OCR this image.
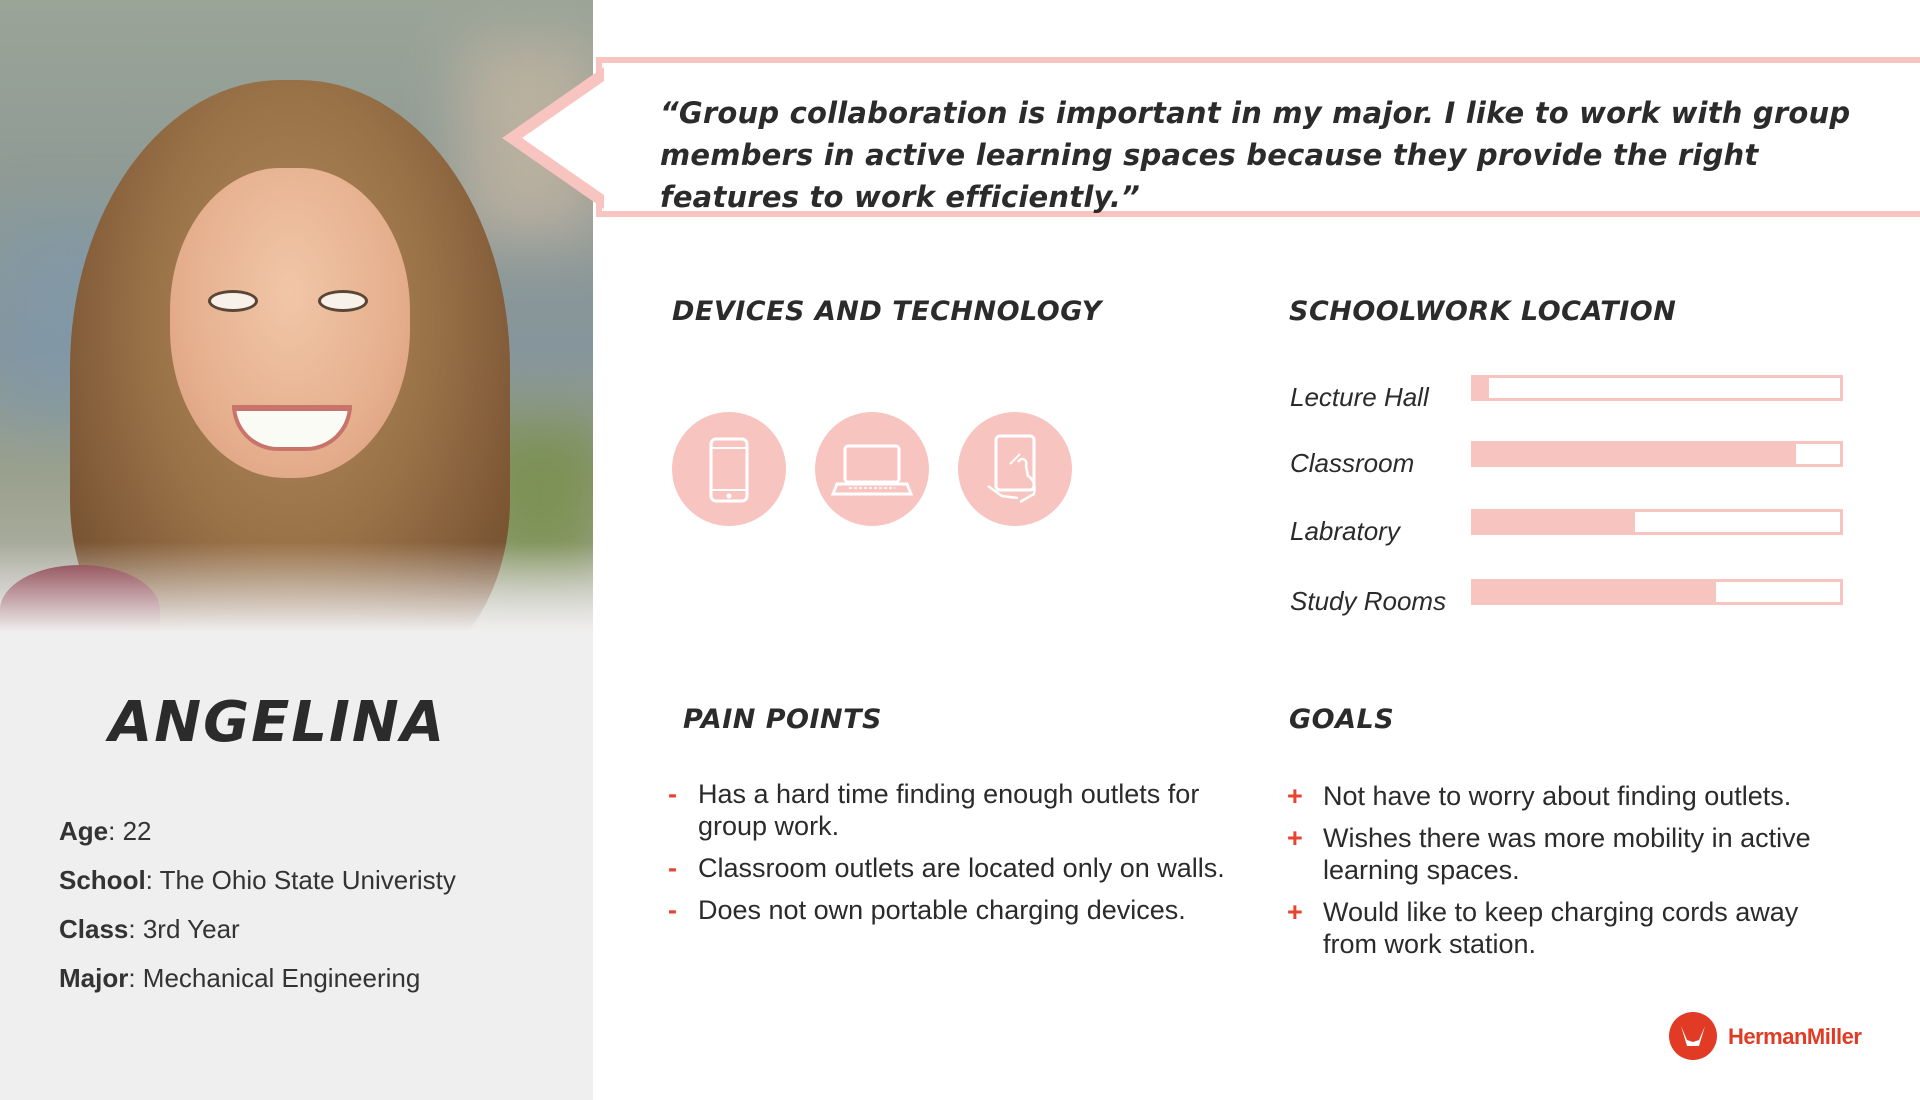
ANGELINA
Age: 22
School: The Ohio State Univeristy
Class: 3rd Year
Major: Mechanical Engineering
“Group collaboration is important in my major. I like to work with group members in active learning spaces because they provide the right features to work efficiently.”
DEVICES AND TECHNOLOGY	SCHOOLWORK LOCATION
Lecture Hall
Classroom
Labratory
Study Rooms
PAIN POINTS
- Has a hard time finding enough outlets for group work.
- Classroom outlets are located only on walls.
- Does not own portable charging devices.
GOALS
+ Not have to worry about finding outlets.
+ Wishes there was more mobility in active learning spaces.
+ Would like to keep charging cords away from work station.
HermanMiller
